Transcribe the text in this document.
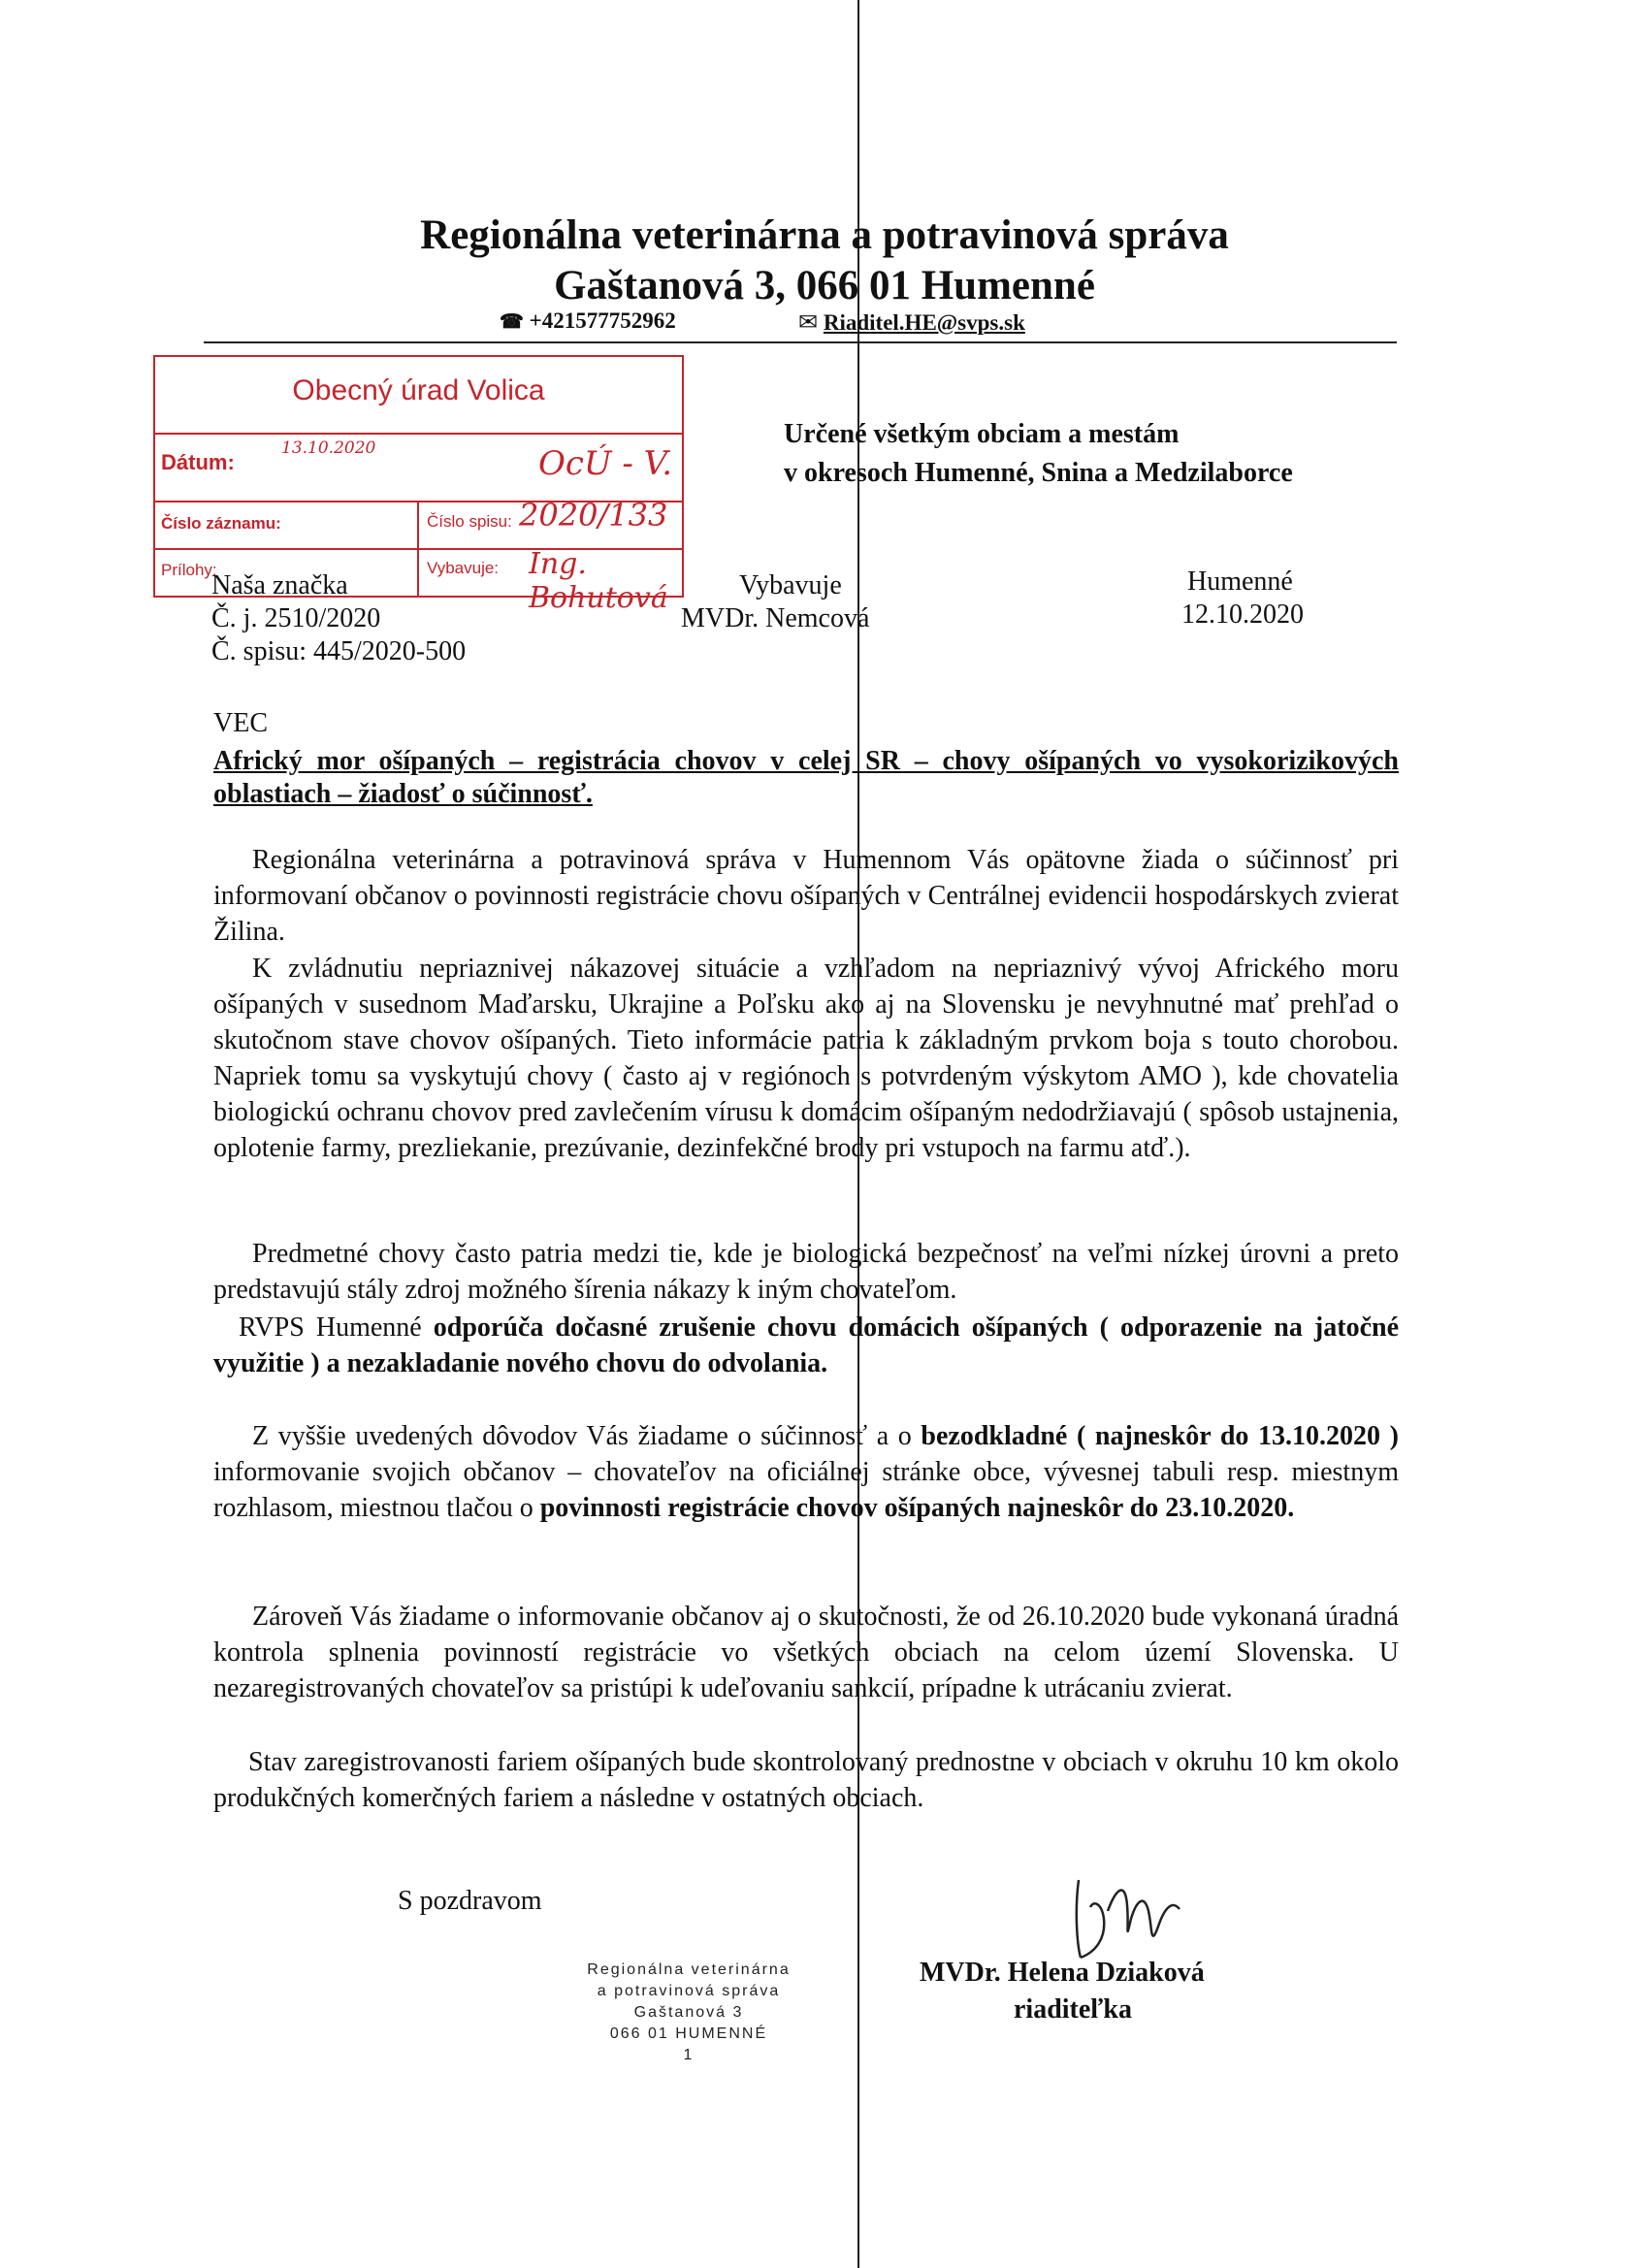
Regionálna veterinárna a potravinová správa
Gaštanová 3, 066 01 Humenné
☎ +421577752962	✉ Riaditel.HE@svps.sk
Obecný úrad Volica
Dátum:
13.10.2020	OcÚ - V.
Číslo záznamu:	Číslo spisu: 2020/133
Prílohy:	Vybavuje: Ing. Bohutová
Určené všetkým obciam a mestám
v okresoch Humenné, Snina a Medzilaborce
Naša značka
Č. j. 2510/2020
Č. spisu: 445/2020-500
Vybavuje
MVDr. Nemcová
Humenné
12.10.2020
VEC
Africký mor ošípaných – registrácia chovov v celej SR – chovy ošípaných vo vysokorizikových oblastiach – žiadosť o súčinnosť.
Regionálna veterinárna a potravinová správa v Humennom Vás opätovne žiada o súčinnosť pri informovaní občanov o povinnosti registrácie chovu ošípaných v Centrálnej evidencii hospodárskych zvierat Žilina.
K zvládnutiu nepriaznivej nákazovej situácie a vzhľadom na nepriaznivý vývoj Afrického moru ošípaných v susednom Maďarsku, Ukrajine a Poľsku ako aj na Slovensku je nevyhnutné mať prehľad o skutočnom stave chovov ošípaných. Tieto informácie patria k základným prvkom boja s touto chorobou. Napriek tomu sa vyskytujú chovy ( často aj v regiónoch s potvrdeným výskytom AMO ), kde chovatelia biologickú ochranu chovov pred zavlečením vírusu k domácim ošípaným nedodržiavajú ( spôsob ustajnenia, oplotenie farmy, prezliekanie, prezúvanie, dezinfekčné brody pri vstupoch na farmu atď.).
Predmetné chovy často patria medzi tie, kde je biologická bezpečnosť na veľmi nízkej úrovni a preto predstavujú stály zdroj možného šírenia nákazy k iným chovateľom.
RVPS Humenné odporúča dočasné zrušenie chovu domácich ošípaných ( odporazenie na jatočné využitie ) a nezakladanie nového chovu do odvolania.
Z vyššie uvedených dôvodov Vás žiadame o súčinnosť a o bezodkladné ( najneskôr do 13.10.2020 ) informovanie svojich občanov – chovateľov na oficiálnej stránke obce, vývesnej tabuli resp. miestnym rozhlasom, miestnou tlačou o povinnosti registrácie chovov ošípaných najneskôr do 23.10.2020.
Zároveň Vás žiadame o informovanie občanov aj o skutočnosti, že od 26.10.2020 bude vykonaná úradná kontrola splnenia povinností registrácie vo všetkých obciach na celom území Slovenska. U nezaregistrovaných chovateľov sa pristúpi k udeľovaniu sankcií, prípadne k utrácaniu zvierat.
Stav zaregistrovanosti fariem ošípaných bude skontrolovaný prednostne v obciach v okruhu 10 km okolo produkčných komerčných fariem a následne v ostatných obciach.
S pozdravom
Regionálna veterinárna
a potravinová správa
Gaštanová 3
066 01 HUMENNÉ
1
MVDr. Helena Dziaková
riaditeľka
